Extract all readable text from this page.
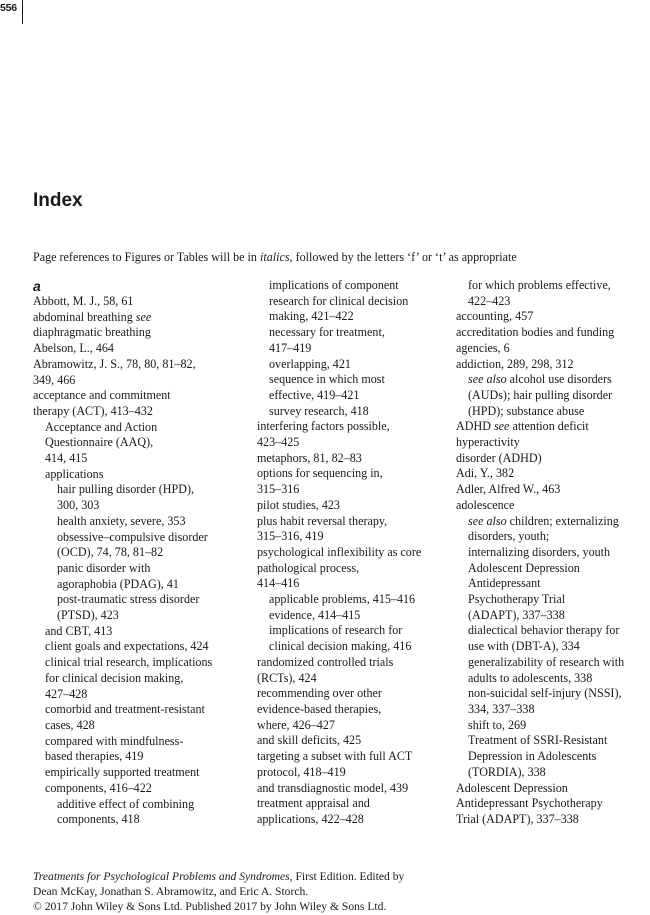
556
Index
Page references to Figures or Tables will be in italics, followed by the letters ‘f’ or ‘t’ as appropriate
a
Abbott, M. J., 58, 61
abdominal breathing see
diaphragmatic breathing
Abelson, L., 464
Abramowitz, J. S., 78, 80, 81–82,
349, 466
acceptance and commitment
therapy (ACT), 413–432
Acceptance and Action
Questionnaire (AAQ),
414, 415
applications
hair pulling disorder (HPD),
300, 303
health anxiety, severe, 353
obsessive–compulsive disorder
(OCD), 74, 78, 81–82
panic disorder with
agoraphobia (PDAG), 41
post-traumatic stress disorder
(PTSD), 423
and CBT, 413
client goals and expectations, 424
clinical trial research, implications
for clinical decision making,
427–428
comorbid and treatment-resistant
cases, 428
compared with mindfulness-
based therapies, 419
empirically supported treatment
components, 416–422
additive effect of combining
components, 418
implications of component
research for clinical decision
making, 421–422
necessary for treatment,
417–419
overlapping, 421
sequence in which most
effective, 419–421
survey research, 418
interfering factors possible,
423–425
metaphors, 81, 82–83
options for sequencing in,
315–316
pilot studies, 423
plus habit reversal therapy,
315–316, 419
psychological inflexibility as core
pathological process,
414–416
applicable problems, 415–416
evidence, 414–415
implications of research for
clinical decision making, 416
randomized controlled trials
(RCTs), 424
recommending over other
evidence-based therapies,
where, 426–427
and skill deficits, 425
targeting a subset with full ACT
protocol, 418–419
and transdiagnostic model, 439
treatment appraisal and
applications, 422–428
for which problems effective,
422–423
accounting, 457
accreditation bodies and funding
agencies, 6
addiction, 289, 298, 312
see also alcohol use disorders
(AUDs); hair pulling disorder
(HPD); substance abuse
ADHD see attention deficit
hyperactivity
disorder (ADHD)
Adi, Y., 382
Adler, Alfred W., 463
adolescence
see also children; externalizing
disorders, youth;
internalizing disorders, youth
Adolescent Depression
Antidepressant
Psychotherapy Trial
(ADAPT), 337–338
dialectical behavior therapy for
use with (DBT-A), 334
generalizability of research with
adults to adolescents, 338
non-suicidal self-injury (NSSI),
334, 337–338
shift to, 269
Treatment of SSRI-Resistant
Depression in Adolescents
(TORDIA), 338
Adolescent Depression
Antidepressant Psychotherapy
Trial (ADAPT), 337–338
Treatments for Psychological Problems and Syndromes, First Edition. Edited by
Dean McKay, Jonathan S. Abramowitz, and Eric A. Storch.
© 2017 John Wiley & Sons Ltd. Published 2017 by John Wiley & Sons Ltd.
